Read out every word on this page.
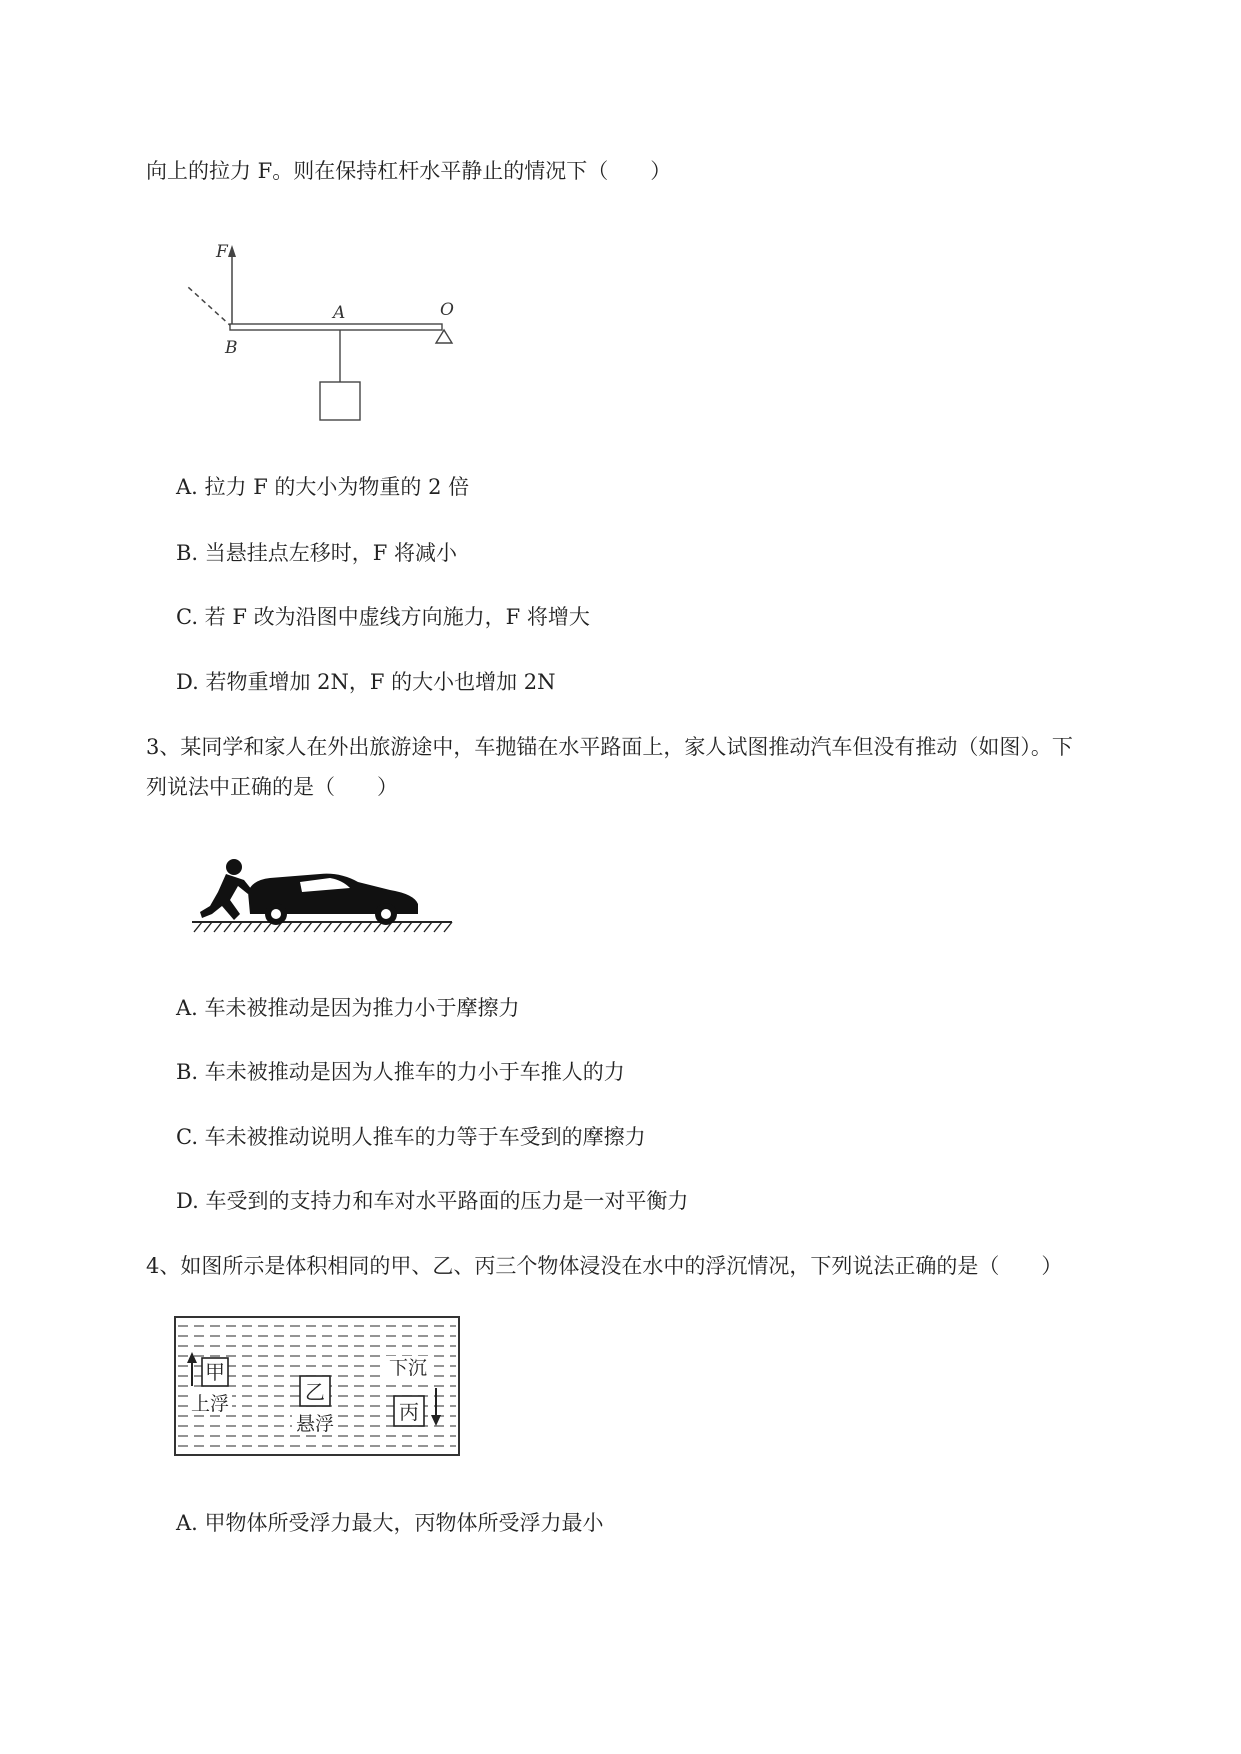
向上的拉力 F。则在保持杠杆水平静止的情况下（　　）
F
A	O
B
A. 拉力 F 的大小为物重的 2 倍
B. 当悬挂点左移时，F 将减小
C. 若 F 改为沿图中虚线方向施力，F 将增大
D. 若物重增加 2N，F 的大小也增加 2N
3、某同学和家人在外出旅游途中，车抛锚在水平路面上，家人试图推动汽车但没有推动（如图）。下
列说法中正确的是（　　）
A. 车未被推动是因为推力小于摩擦力
B. 车未被推动是因为人推车的力小于车推人的力
C. 车未被推动说明人推车的力等于车受到的摩擦力
D. 车受到的支持力和车对水平路面的压力是一对平衡力
4、如图所示是体积相同的甲、乙、丙三个物体浸没在水中的浮沉情况，下列说法正确的是（　　）
甲
上浮	乙
悬浮
下沉
丙
A. 甲物体所受浮力最大，丙物体所受浮力最小
